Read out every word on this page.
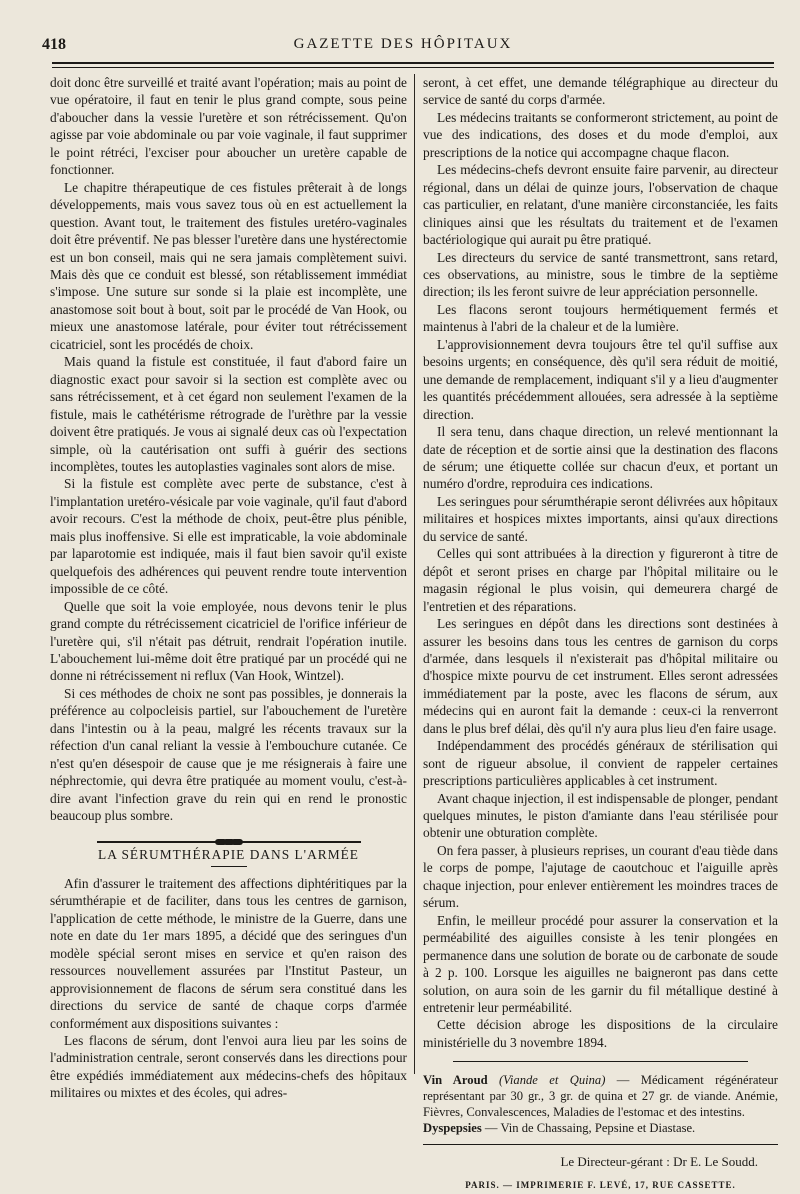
418	GAZETTE DES HÔPITAUX

doit donc être surveillé et traité avant l'opération; mais au point de vue opératoire, il faut en tenir le plus grand compte, sous peine d'aboucher dans la vessie l'uretère et son rétrécissement. Qu'on agisse par voie abdominale ou par voie vaginale, il faut supprimer le point rétréci, l'exciser pour aboucher un uretère capable de fonctionner.

Le chapitre thérapeutique de ces fistules prêterait à de longs développements, mais vous savez tous où en est actuellement la question. Avant tout, le traitement des fistules uretéro-vaginales doit être préventif. Ne pas blesser l'uretère dans une hystérectomie est un bon conseil, mais qui ne sera jamais complètement suivi. Mais dès que ce conduit est blessé, son rétablissement immédiat s'impose. Une suture sur sonde si la plaie est incomplète, une anastomose soit bout à bout, soit par le procédé de Van Hook, ou mieux une anastomose latérale, pour éviter tout rétrécissement cicatriciel, sont les procédés de choix.

Mais quand la fistule est constituée, il faut d'abord faire un diagnostic exact pour savoir si la section est complète avec ou sans rétrécissement, et à cet égard non seulement l'examen de la fistule, mais le cathétérisme rétrograde de l'urèthre par la vessie doivent être pratiqués. Je vous ai signalé deux cas où l'expectation simple, où la cautérisation ont suffi à guérir des sections incomplètes, toutes les autoplasties vaginales sont alors de mise.

Si la fistule est complète avec perte de substance, c'est à l'implantation uretéro-vésicale par voie vaginale, qu'il faut d'abord avoir recours. C'est la méthode de choix, peut-être plus pénible, mais plus inoffensive. Si elle est impraticable, la voie abdominale par laparotomie est indiquée, mais il faut bien savoir qu'il existe quelquefois des adhérences qui peuvent rendre toute intervention impossible de ce côté.

Quelle que soit la voie employée, nous devons tenir le plus grand compte du rétrécissement cicatriciel de l'orifice inférieur de l'uretère qui, s'il n'était pas détruit, rendrait l'opération inutile. L'abouchement lui-même doit être pratiqué par un procédé qui ne donne ni rétrécissement ni reflux (Van Hook, Wintzel).

Si ces méthodes de choix ne sont pas possibles, je donnerais la préférence au colpocleisis partiel, sur l'abouchement de l'uretère dans l'intestin ou à la peau, malgré les récents travaux sur la réfection d'un canal reliant la vessie à l'embouchure cutanée. Ce n'est qu'en désespoir de cause que je me résignerais à faire une néphrectomie, qui devra être pratiquée au moment voulu, c'est-à-dire avant l'infection grave du rein qui en rend le pronostic beaucoup plus sombre.

LA SÉRUMTHÉRAPIE DANS L'ARMÉE

Afin d'assurer le traitement des affections diphtéritiques par la sérumthérapie et de faciliter, dans tous les centres de garnison, l'application de cette méthode, le ministre de la Guerre, dans une note en date du 1er mars 1895, a décidé que des seringues d'un modèle spécial seront mises en service et qu'en raison des ressources nouvellement assurées par l'Institut Pasteur, un approvisionnement de flacons de sérum sera constitué dans les directions du service de santé de chaque corps d'armée conformément aux dispositions suivantes :

Les flacons de sérum, dont l'envoi aura lieu par les soins de l'administration centrale, seront conservés dans les directions pour être expédiés immédiatement aux médecins-chefs des hôpitaux militaires ou mixtes et des écoles, qui adres-

seront, à cet effet, une demande télégraphique au directeur du service de santé du corps d'armée.

Les médecins traitants se conformeront strictement, au point de vue des indications, des doses et du mode d'emploi, aux prescriptions de la notice qui accompagne chaque flacon.

Les médecins-chefs devront ensuite faire parvenir, au directeur régional, dans un délai de quinze jours, l'observation de chaque cas particulier, en relatant, d'une manière circonstanciée, les faits cliniques ainsi que les résultats du traitement et de l'examen bactériologique qui aurait pu être pratiqué.

Les directeurs du service de santé transmettront, sans retard, ces observations, au ministre, sous le timbre de la septième direction; ils les feront suivre de leur appréciation personnelle.

Les flacons seront toujours hermétiquement fermés et maintenus à l'abri de la chaleur et de la lumière.

L'approvisionnement devra toujours être tel qu'il suffise aux besoins urgents; en conséquence, dès qu'il sera réduit de moitié, une demande de remplacement, indiquant s'il y a lieu d'augmenter les quantités précédemment allouées, sera adressée à la septième direction.

Il sera tenu, dans chaque direction, un relevé mentionnant la date de réception et de sortie ainsi que la destination des flacons de sérum; une étiquette collée sur chacun d'eux, et portant un numéro d'ordre, reproduira ces indications.

Les seringues pour sérumthérapie seront délivrées aux hôpitaux militaires et hospices mixtes importants, ainsi qu'aux directions du service de santé.

Celles qui sont attribuées à la direction y figureront à titre de dépôt et seront prises en charge par l'hôpital militaire ou le magasin régional le plus voisin, qui demeurera chargé de l'entretien et des réparations.

Les seringues en dépôt dans les directions sont destinées à assurer les besoins dans tous les centres de garnison du corps d'armée, dans lesquels il n'existerait pas d'hôpital militaire ou d'hospice mixte pourvu de cet instrument. Elles seront adressées immédiatement par la poste, avec les flacons de sérum, aux médecins qui en auront fait la demande : ceux-ci la renverront dans le plus bref délai, dès qu'il n'y aura plus lieu d'en faire usage.

Indépendamment des procédés généraux de stérilisation qui sont de rigueur absolue, il convient de rappeler certaines prescriptions particulières applicables à cet instrument.

Avant chaque injection, il est indispensable de plonger, pendant quelques minutes, le piston d'amiante dans l'eau stérilisée pour obtenir une obturation complète.

On fera passer, à plusieurs reprises, un courant d'eau tiède dans le corps de pompe, l'ajutage de caoutchouc et l'aiguille après chaque injection, pour enlever entièrement les moindres traces de sérum.

Enfin, le meilleur procédé pour assurer la conservation et la perméabilité des aiguilles consiste à les tenir plongées en permanence dans une solution de borate ou de carbonate de soude à 2 p. 100. Lorsque les aiguilles ne baigneront pas dans cette solution, on aura soin de les garnir du fil métallique destiné à entretenir leur perméabilité.

Cette décision abroge les dispositions de la circulaire ministérielle du 3 novembre 1894.

Vin Aroud (Viande et Quina) — Médicament régénérateur représentant par 30 gr., 3 gr. de quina et 27 gr. de viande. Anémie, Fièvres, Convalescences, Maladies de l'estomac et des intestins.
Dyspepsies — Vin de Chassaing, Pepsine et Diastase.
Le Directeur-gérant : Dr E. Le Soudd.
PARIS. — IMPRIMERIE F. LEVÉ, 17, RUE CASSETTE.
